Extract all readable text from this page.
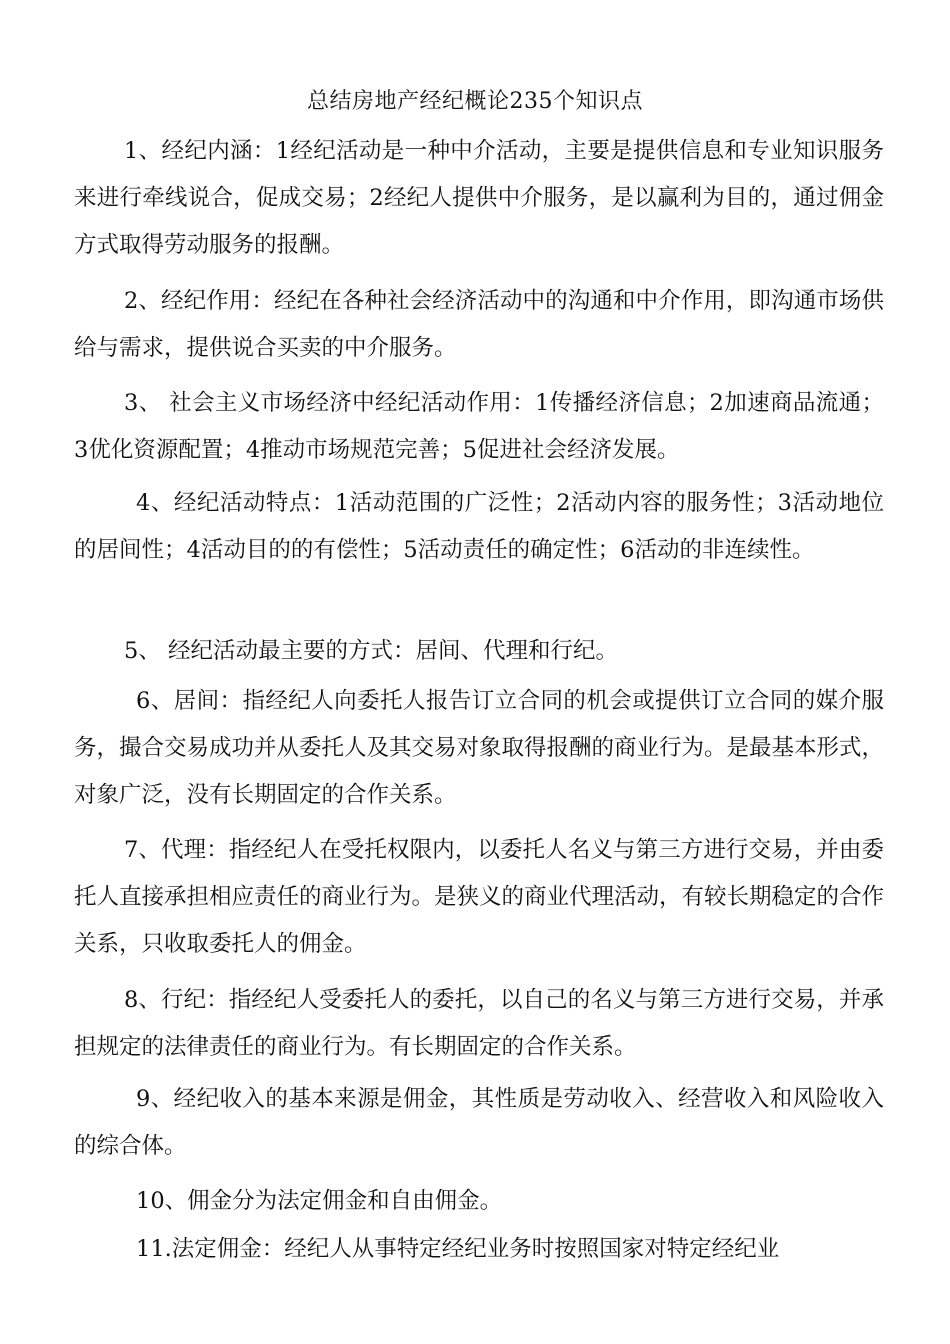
总结房地产经纪概论235个知识点
1、经纪内涵：1经纪活动是一种中介活动，主要是提供信息和专业知识服务来进行牵线说合，促成交易；2经纪人提供中介服务，是以赢利为目的，通过佣金方式取得劳动服务的报酬。
2、经纪作用：经纪在各种社会经济活动中的沟通和中介作用，即沟通市场供给与需求，提供说合买卖的中介服务。
3、 社会主义市场经济中经纪活动作用：1传播经济信息；2加速商品流通；3优化资源配置；4推动市场规范完善；5促进社会经济发展。
4、经纪活动特点：1活动范围的广泛性；2活动内容的服务性；3活动地位的居间性；4活动目的的有偿性；5活动责任的确定性；6活动的非连续性。
5、 经纪活动最主要的方式：居间、代理和行纪。
6、居间：指经纪人向委托人报告订立合同的机会或提供订立合同的媒介服务，撮合交易成功并从委托人及其交易对象取得报酬的商业行为。是最基本形式，对象广泛，没有长期固定的合作关系。
7、代理：指经纪人在受托权限内，以委托人名义与第三方进行交易，并由委托人直接承担相应责任的商业行为。是狭义的商业代理活动，有较长期稳定的合作关系，只收取委托人的佣金。
8、行纪：指经纪人受委托人的委托，以自己的名义与第三方进行交易，并承担规定的法律责任的商业行为。有长期固定的合作关系。
9、经纪收入的基本来源是佣金，其性质是劳动收入、经营收入和风险收入的综合体。
10、佣金分为法定佣金和自由佣金。
11.法定佣金：经纪人从事特定经纪业务时按照国家对特定经纪业
